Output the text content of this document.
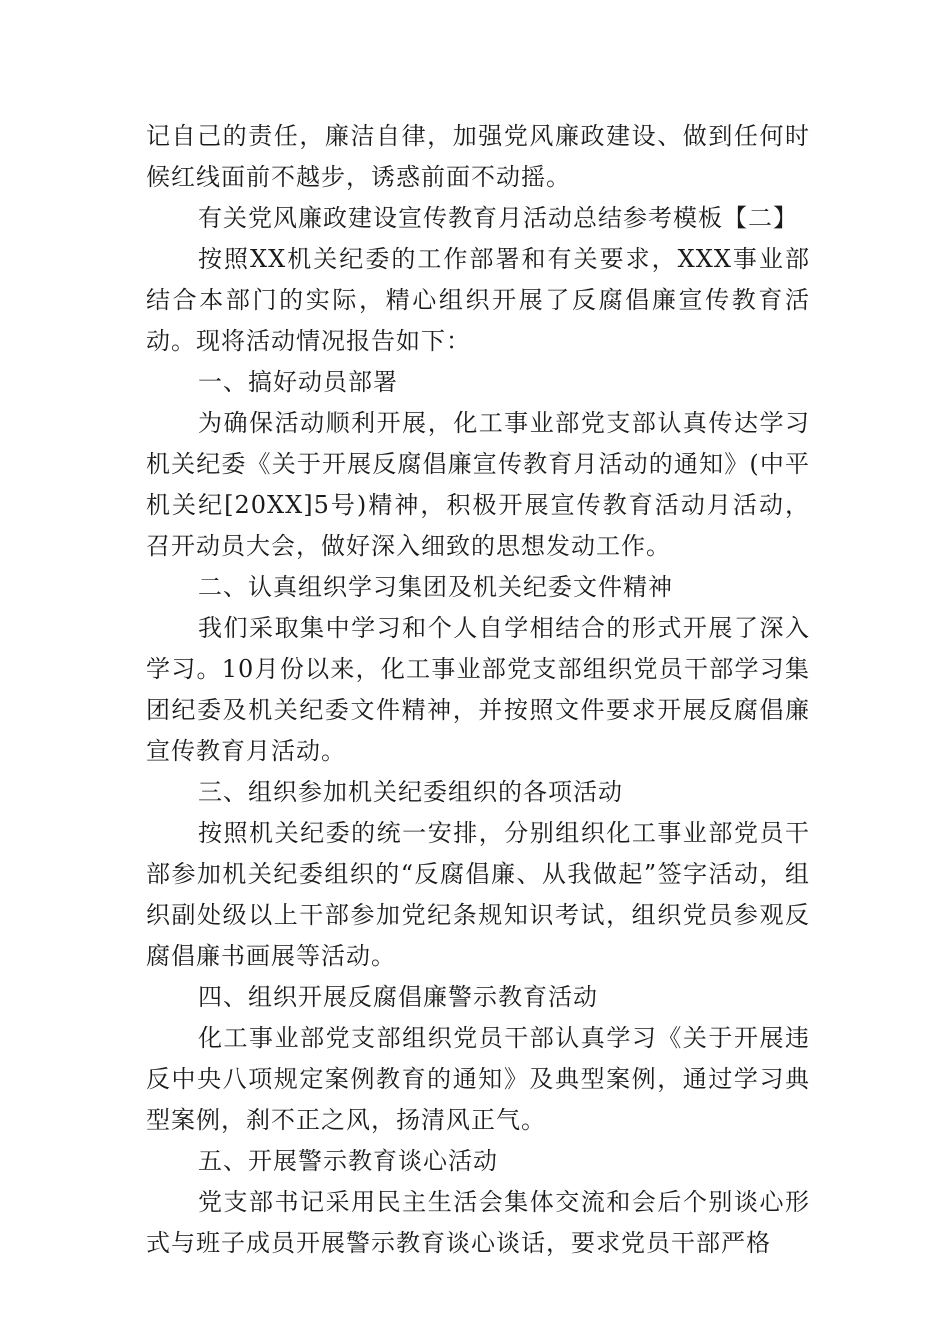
记自己的责任，廉洁自律，加强党风廉政建设、做到任何时候红线面前不越步，诱惑前面不动摇。

有关党风廉政建设宣传教育月活动总结参考模板【二】

按照XX机关纪委的工作部署和有关要求，XXX事业部结合本部门的实际，精心组织开展了反腐倡廉宣传教育活动。现将活动情况报告如下：

一、搞好动员部署

为确保活动顺利开展，化工事业部党支部认真传达学习机关纪委《关于开展反腐倡廉宣传教育月活动的通知》(中平机关纪[20XX]5号)精神，积极开展宣传教育活动月活动，召开动员大会，做好深入细致的思想发动工作。

二、认真组织学习集团及机关纪委文件精神

我们采取集中学习和个人自学相结合的形式开展了深入学习。10月份以来，化工事业部党支部组织党员干部学习集团纪委及机关纪委文件精神，并按照文件要求开展反腐倡廉宣传教育月活动。

三、组织参加机关纪委组织的各项活动

按照机关纪委的统一安排，分别组织化工事业部党员干部参加机关纪委组织的“反腐倡廉、从我做起”签字活动，组织副处级以上干部参加党纪条规知识考试，组织党员参观反腐倡廉书画展等活动。

四、组织开展反腐倡廉警示教育活动

化工事业部党支部组织党员干部认真学习《关于开展违反中央八项规定案例教育的通知》及典型案例，通过学习典型案例，刹不正之风，扬清风正气。

五、开展警示教育谈心活动

党支部书记采用民主生活会集体交流和会后个别谈心形式与班子成员开展警示教育谈心谈话，要求党员干部严格
